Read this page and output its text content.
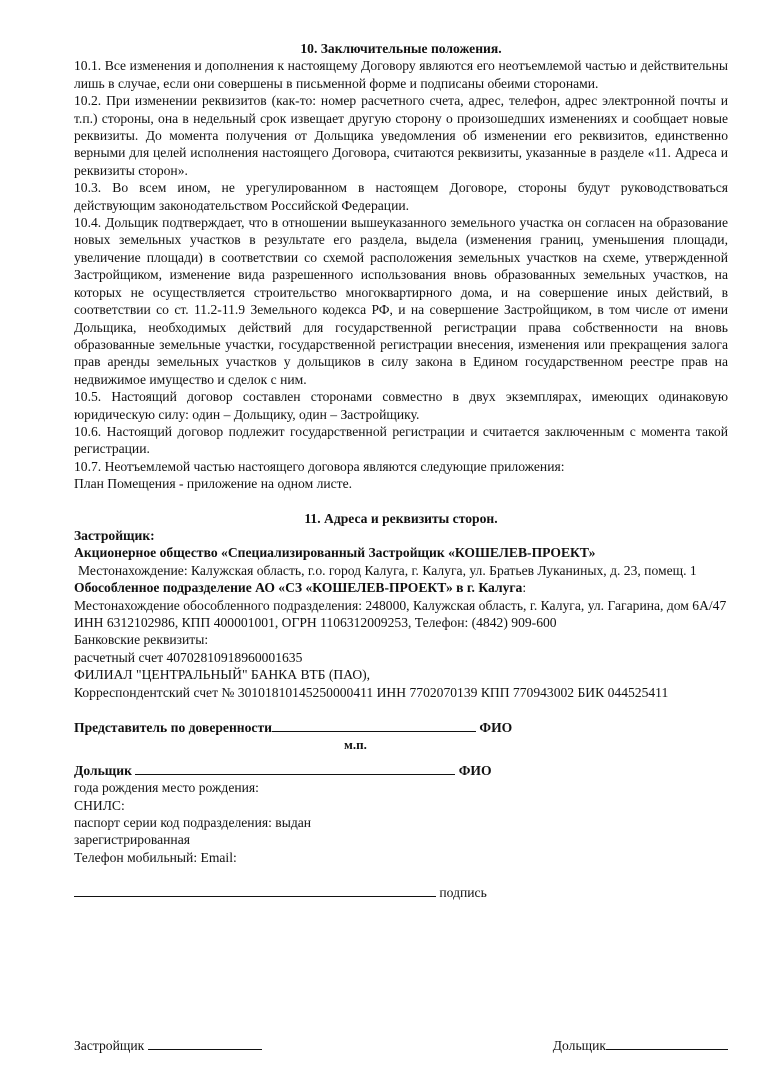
10. Заключительные положения.

10.1. Все изменения и дополнения к настоящему Договору являются его неотъемлемой частью и действительны лишь в случае, если они совершены в письменной форме и подписаны обеими сторонами.

10.2. При изменении реквизитов (как-то: номер расчетного счета, адрес, телефон, адрес электронной почты и т.п.) стороны, она в недельный срок извещает другую сторону о произошедших изменениях и сообщает новые реквизиты. До момента получения от Дольщика уведомления об изменении его реквизитов, единственно верными для целей исполнения настоящего Договора, считаются реквизиты, указанные в разделе «11. Адреса и реквизиты сторон».

10.3. Во всем ином, не урегулированном в настоящем Договоре, стороны будут руководствоваться действующим законодательством Российской Федерации.

10.4. Дольщик подтверждает, что в отношении вышеуказанного земельного участка он согласен на образование новых земельных участков в результате его раздела, выдела (изменения границ, уменьшения площади, увеличение площади) в соответствии со схемой расположения земельных участков на схеме, утвержденной Застройщиком, изменение вида разрешенного использования вновь образованных земельных участков, на которых не осуществляется строительство многоквартирного дома, и на совершение иных действий, в соответствии со ст. 11.2-11.9 Земельного кодекса РФ, и на совершение Застройщиком, в том числе от имени Дольщика, необходимых действий для государственной регистрации права собственности на вновь образованные земельные участки, государственной регистрации внесения, изменения или прекращения залога прав аренды земельных участков у дольщиков в силу закона в Едином государственном реестре прав на недвижимое имущество и сделок с ним.

10.5. Настоящий договор составлен сторонами совместно в двух экземплярах, имеющих одинаковую юридическую силу: один – Дольщику, один – Застройщику.

10.6. Настоящий договор подлежит государственной регистрации и считается заключенным с момента такой регистрации.

10.7. Неотъемлемой частью настоящего договора являются следующие приложения:

План Помещения - приложение на одном листе.

11. Адреса и реквизиты сторон.

Застройщик:

Акционерное общество «Специализированный Застройщик «КОШЕЛЕВ-ПРОЕКТ»

Местонахождение: Калужская область, г.о. город Калуга, г. Калуга, ул. Братьев Луканиных, д. 23, помещ. 1

Обособленное подразделение АО «СЗ «КОШЕЛЕВ-ПРОЕКТ» в г. Калуга:

Местонахождение обособленного подразделения: 248000, Калужская область, г. Калуга, ул. Гагарина, дом 6А/47

ИНН 6312102986, КПП 400001001, ОГРН 1106312009253, Телефон: (4842) 909-600

Банковские реквизиты:

расчетный счет 40702810918960001635

ФИЛИАЛ "ЦЕНТРАЛЬНЫЙ" БАНКА ВТБ (ПАО),

Корреспондентский счет № 30101810145250000411 ИНН 7702070139 КПП 770943002 БИК 044525411

Представитель по доверенности	ФИО

м.п.

Дольщик	ФИО

года рождения место рождения:

СНИЛС:

паспорт серии код подразделения: выдан

зарегистрированная

Телефон мобильный: Email:

подпись

Застройщик	Дольщик
